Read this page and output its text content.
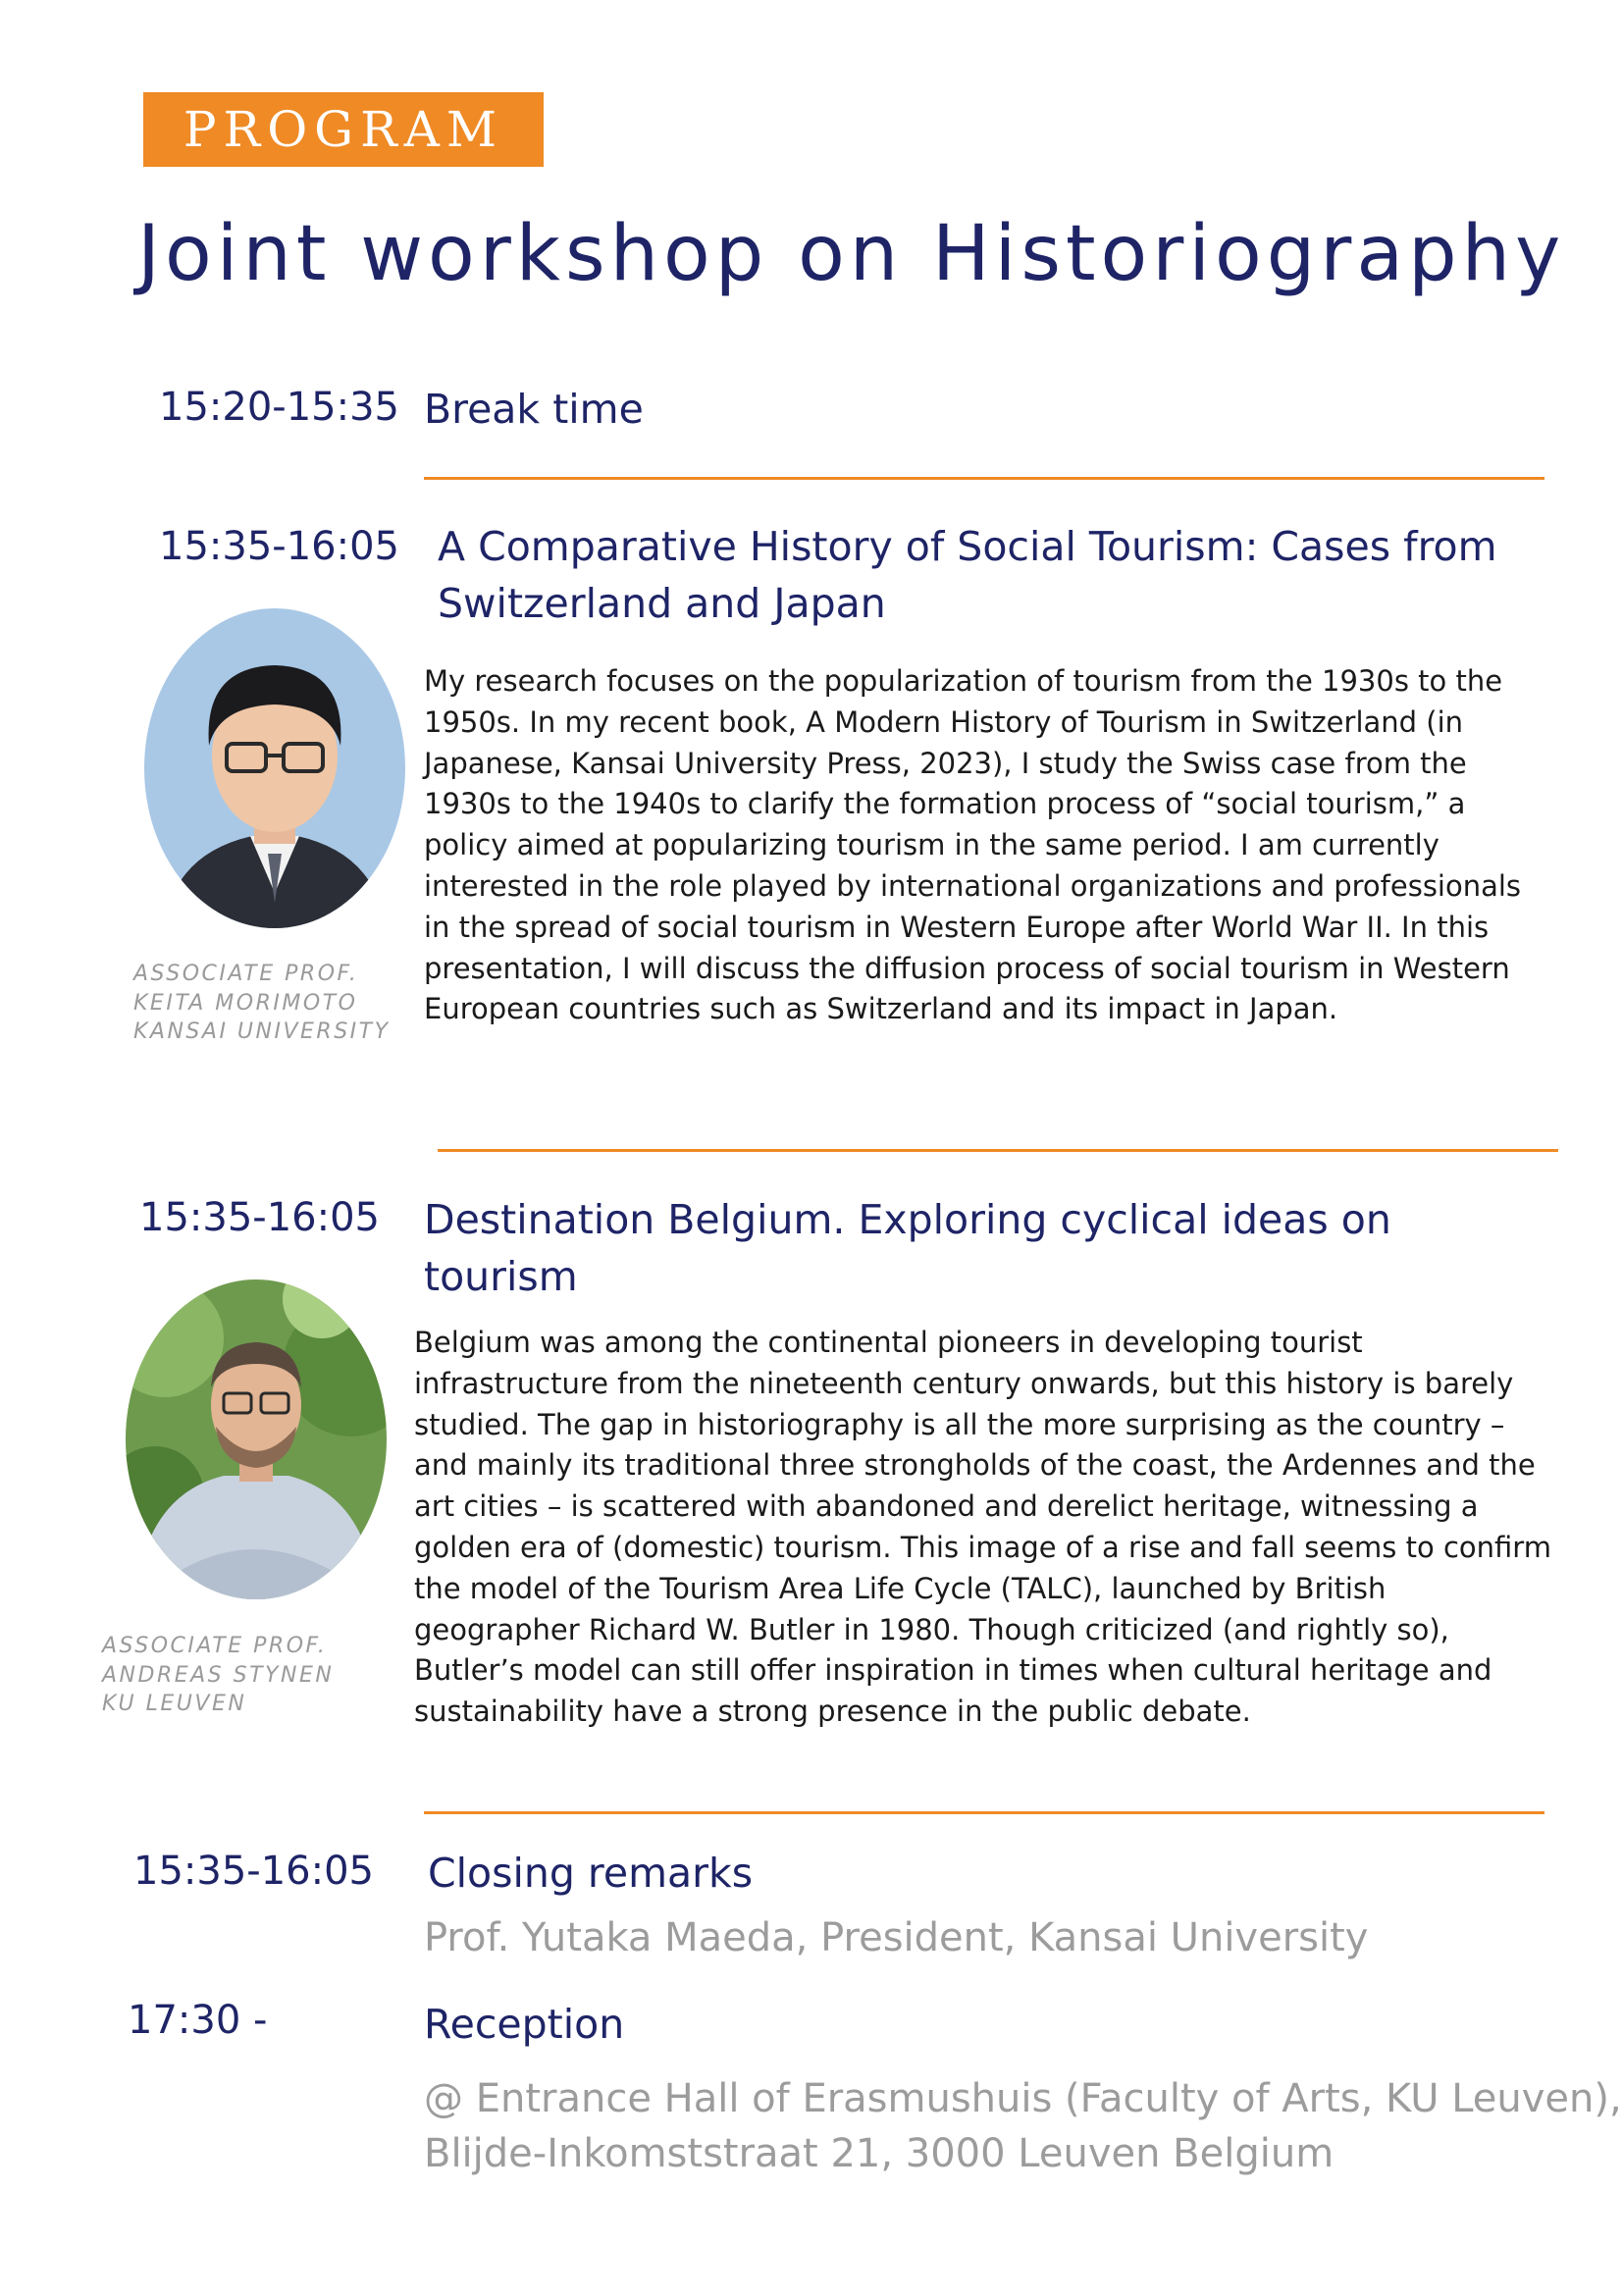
PROGRAM
Joint workshop on Historiography
15:20-15:35 Break time
15:35-16:05 A Comparative History of Social Tourism: Cases from Switzerland and Japan
ASSOCIATE PROF.
KEITA MORIMOTO
KANSAI UNIVERSITY

My research focuses on the popularization of tourism from the 1930s to the 1950s. In my recent book, A Modern History of Tourism in Switzerland (in Japanese, Kansai University Press, 2023), I study the Swiss case from the 1930s to the 1940s to clarify the formation process of “social tourism,” a policy aimed at popularizing tourism in the same period. I am currently interested in the role played by international organizations and professionals in the spread of social tourism in Western Europe after World War II. In this presentation, I will discuss the diffusion process of social tourism in Western European countries such as Switzerland and its impact in Japan.

15:35-16:05 Destination Belgium. Exploring cyclical ideas on tourism
ASSOCIATE PROF.
ANDREAS STYNEN
KU LEUVEN

Belgium was among the continental pioneers in developing tourist infrastructure from the nineteenth century onwards, but this history is barely studied. The gap in historiography is all the more surprising as the country – and mainly its traditional three strongholds of the coast, the Ardennes and the art cities – is scattered with abandoned and derelict heritage, witnessing a golden era of (domestic) tourism. This image of a rise and fall seems to confirm the model of the Tourism Area Life Cycle (TALC), launched by British geographer Richard W. Butler in 1980. Though criticized (and rightly so), Butler’s model can still offer inspiration in times when cultural heritage and sustainability have a strong presence in the public debate.

15:35-16:05 Closing remarks
Prof. Yutaka Maeda, President, Kansai University
17:30 -	Reception
@ Entrance Hall of Erasmushuis (Faculty of Arts, KU Leuven),
Blijde-Inkomststraat 21, 3000 Leuven Belgium
